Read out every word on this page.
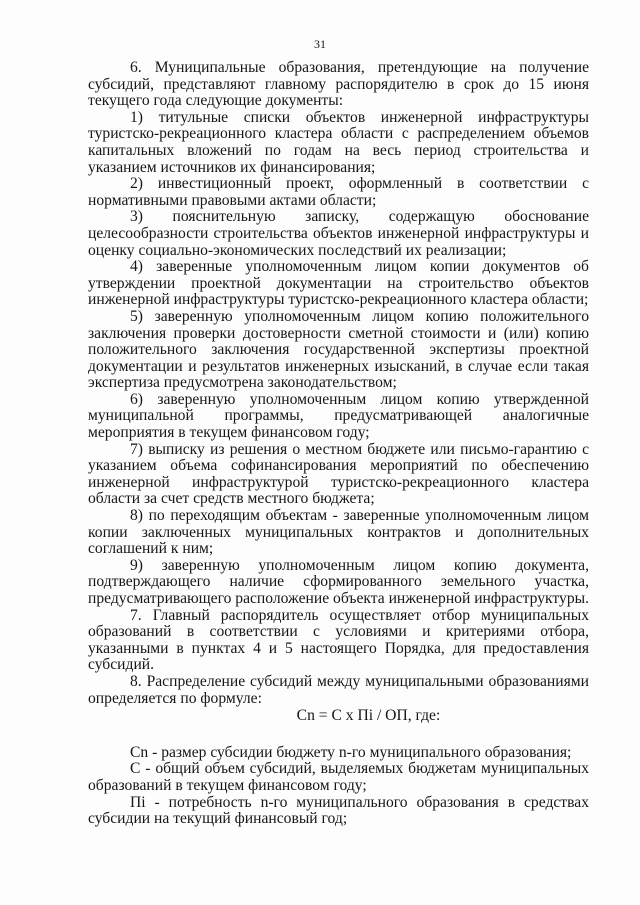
31

6. Муниципальные образования, претендующие на получение субсидий, представляют главному распорядителю в срок до 15 июня текущего года следующие документы:

1) титульные списки объектов инженерной инфраструктуры туристско-рекреационного кластера области с распределением объемов капитальных вложений по годам на весь период строительства и указанием источников их финансирования;

2) инвестиционный проект, оформленный в соответствии с нормативными правовыми актами области;

3) пояснительную записку, содержащую обоснование целесообразности строительства объектов инженерной инфраструктуры и оценку социально-экономических последствий их реализации;

4) заверенные уполномоченным лицом копии документов об утверждении проектной документации на строительство объектов инженерной инфраструктуры туристско-рекреационного кластера области;

5) заверенную уполномоченным лицом копию положительного заключения проверки достоверности сметной стоимости и (или) копию положительного заключения государственной экспертизы проектной документации и результатов инженерных изысканий, в случае если такая экспертиза предусмотрена законодательством;

6) заверенную уполномоченным лицом копию утвержденной муниципальной программы, предусматривающей аналогичные мероприятия в текущем финансовом году;

7) выписку из решения о местном бюджете или письмо-гарантию с указанием объема софинансирования мероприятий по обеспечению инженерной инфраструктурой туристско-рекреационного кластера области за счет средств местного бюджета;

8) по переходящим объектам - заверенные уполномоченным лицом копии заключенных муниципальных контрактов и дополнительных соглашений к ним;

9) заверенную уполномоченным лицом копию документа, подтверждающего наличие сформированного земельного участка, предусматривающего расположение объекта инженерной инфраструктуры.

7. Главный распорядитель осуществляет отбор муниципальных образований в соответствии с условиями и критериями отбора, указанными в пунктах 4 и 5 настоящего Порядка, для предоставления субсидий.

8. Распределение субсидий между муниципальными образованиями определяется по формуле:

Сn = С x Пi / ОП, где:

Сn - размер субсидии бюджету n-го муниципального образования;

С - общий объем субсидий, выделяемых бюджетам муниципальных образований в текущем финансовом году;

Пi - потребность n-го муниципального образования в средствах субсидии на текущий финансовый год;
